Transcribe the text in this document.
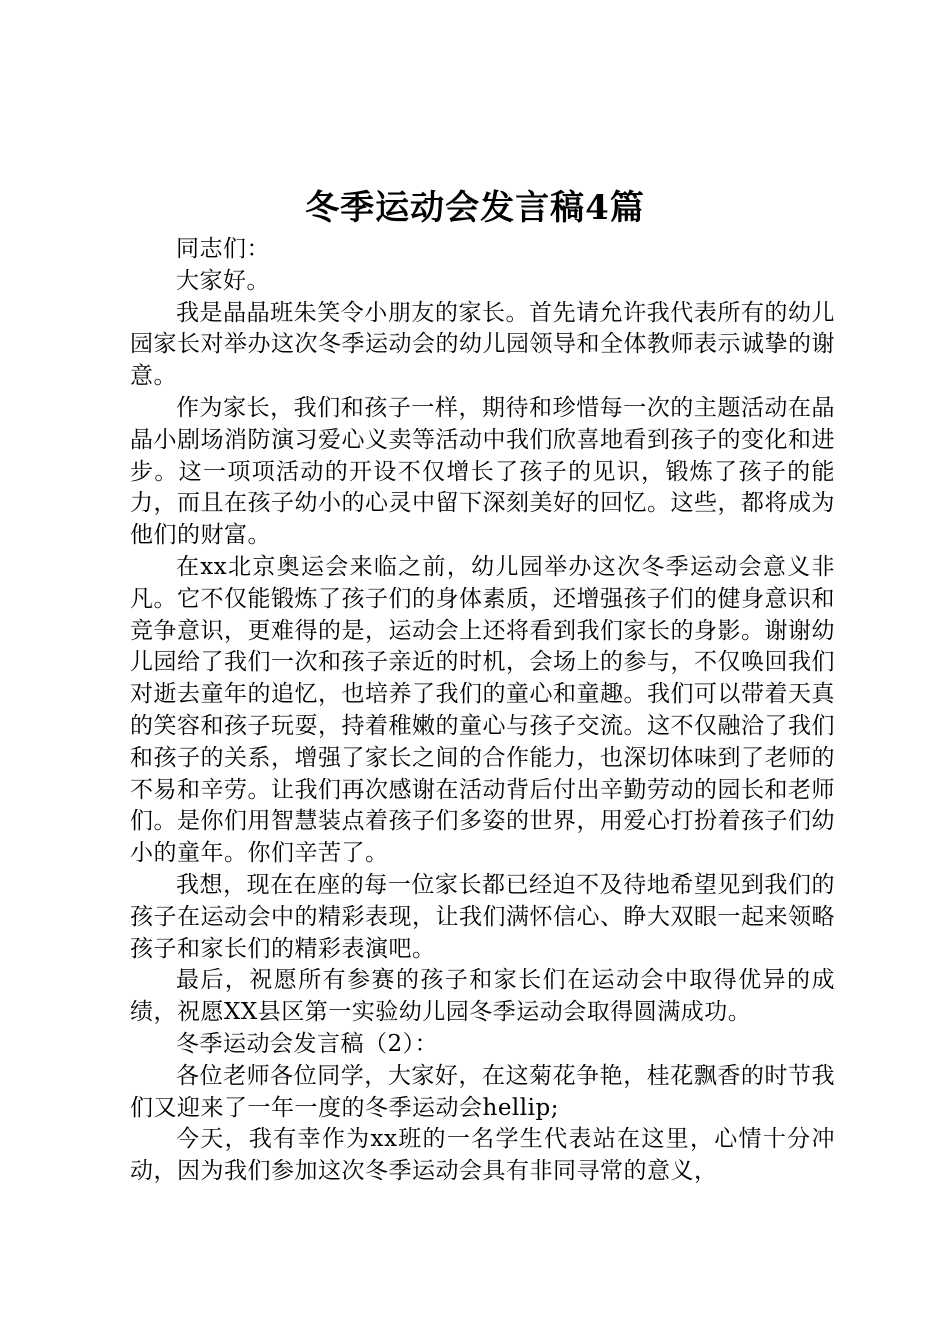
冬季运动会发言稿4篇

同志们：

大家好。

我是晶晶班朱笑令小朋友的家长。首先请允许我代表所有的幼儿园家长对举办这次冬季运动会的幼儿园领导和全体教师表示诚挚的谢意。

作为家长，我们和孩子一样，期待和珍惜每一次的主题活动在晶晶小剧场消防演习爱心义卖等活动中我们欣喜地看到孩子的变化和进步。这一项项活动的开设不仅增长了孩子的见识，锻炼了孩子的能力，而且在孩子幼小的心灵中留下深刻美好的回忆。这些，都将成为他们的财富。

在xx北京奥运会来临之前，幼儿园举办这次冬季运动会意义非凡。它不仅能锻炼了孩子们的身体素质，还增强孩子们的健身意识和竞争意识，更难得的是，运动会上还将看到我们家长的身影。谢谢幼儿园给了我们一次和孩子亲近的时机，会场上的参与，不仅唤回我们对逝去童年的追忆，也培养了我们的童心和童趣。我们可以带着天真的笑容和孩子玩耍，持着稚嫩的童心与孩子交流。这不仅融洽了我们和孩子的关系，增强了家长之间的合作能力，也深切体味到了老师的不易和辛劳。让我们再次感谢在活动背后付出辛勤劳动的园长和老师们。是你们用智慧装点着孩子们多姿的世界，用爱心打扮着孩子们幼小的童年。你们辛苦了。

我想，现在在座的每一位家长都已经迫不及待地希望见到我们的孩子在运动会中的精彩表现，让我们满怀信心、睁大双眼一起来领略孩子和家长们的精彩表演吧。

最后，祝愿所有参赛的孩子和家长们在运动会中取得优异的成绩，祝愿XX县区第一实验幼儿园冬季运动会取得圆满成功。

冬季运动会发言稿（2）：

各位老师各位同学，大家好，在这菊花争艳，桂花飘香的时节我们又迎来了一年一度的冬季运动会hellip;

今天，我有幸作为xx班的一名学生代表站在这里，心情十分冲动，因为我们参加这次冬季运动会具有非同寻常的意义，
